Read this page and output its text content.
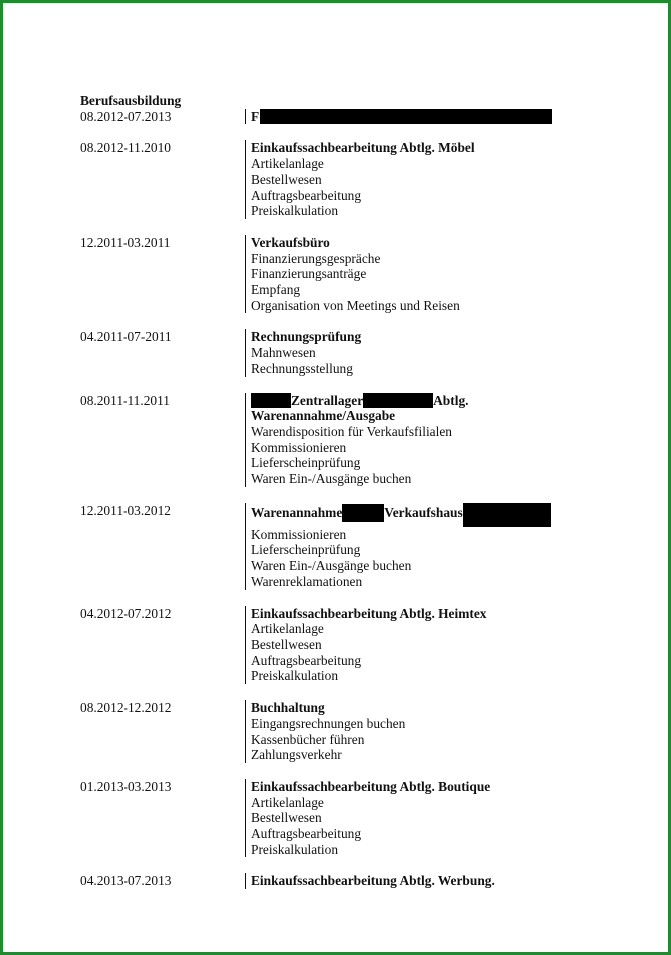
Berufsausbildung
08.2012-07.2013	F
08.2012-11.2010	Einkaufssachbearbeitung Abtlg. Möbel
Artikelanlage
Bestellwesen
Auftragsbearbeitung
Preiskalkulation
12.2011-03.2011	Verkaufsbüro
Finanzierungsgespräche
Finanzierungsanträge
Empfang
Organisation von Meetings und Reisen
04.2011-07-2011	Rechnungsprüfung
Mahnwesen
Rechnungsstellung
08.2011-11.2011	Zentrallager	Abtlg.
Warenannahme/Ausgabe
Warendisposition für Verkaufsfilialen
Kommissionieren
Lieferscheinprüfung
Waren Ein-/Ausgänge buchen
12.2011-03.2012	Warenannahme	Verkaufshaus
Kommissionieren
Lieferscheinprüfung
Waren Ein-/Ausgänge buchen
Warenreklamationen
04.2012-07.2012	Einkaufssachbearbeitung Abtlg. Heimtex
Artikelanlage
Bestellwesen
Auftragsbearbeitung
Preiskalkulation
08.2012-12.2012	Buchhaltung
Eingangsrechnungen buchen
Kassenbücher führen
Zahlungsverkehr
01.2013-03.2013	Einkaufssachbearbeitung Abtlg. Boutique
Artikelanlage
Bestellwesen
Auftragsbearbeitung
Preiskalkulation
04.2013-07.2013	Einkaufssachbearbeitung Abtlg. Werbung.
